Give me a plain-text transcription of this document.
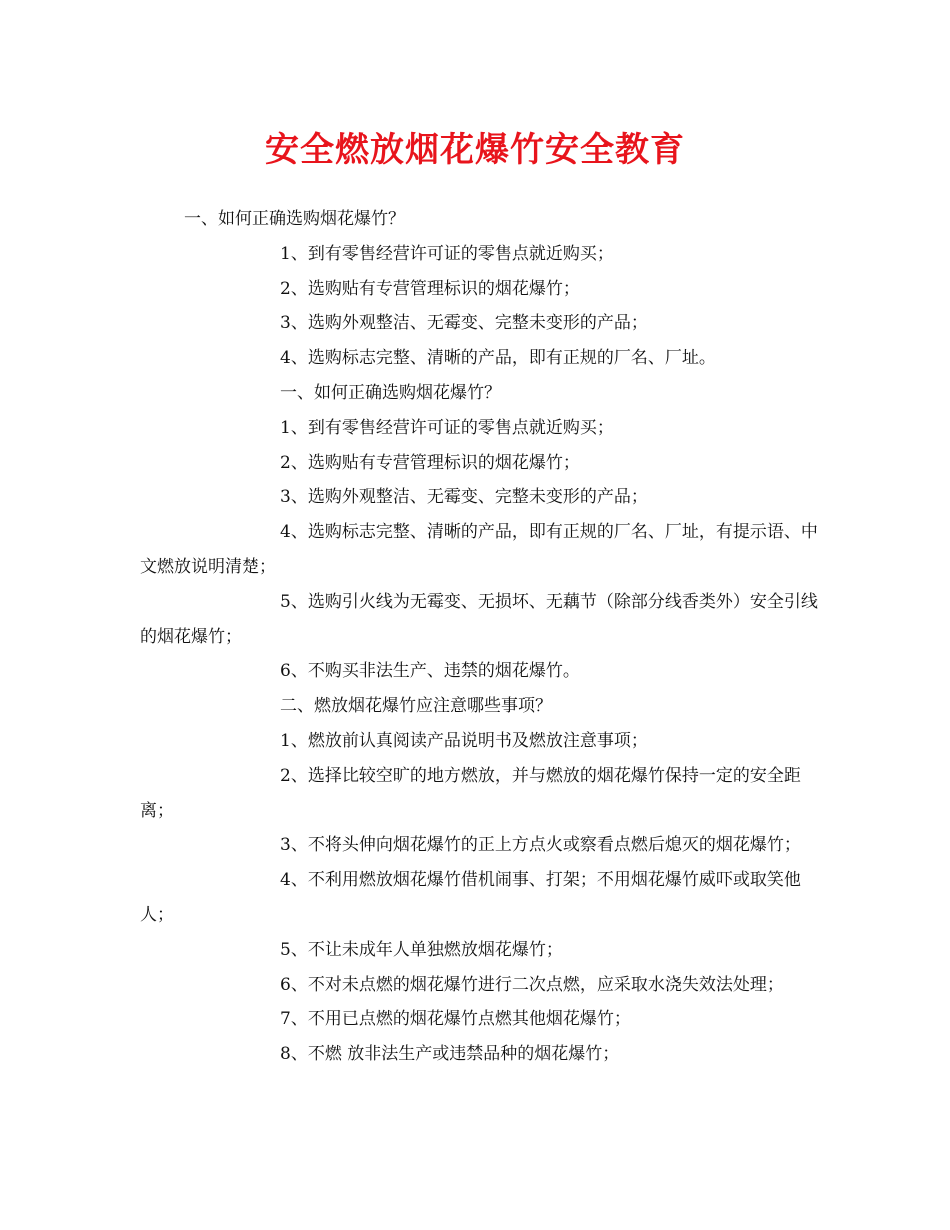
安全燃放烟花爆竹安全教育

一、如何正确选购烟花爆竹？

1、到有零售经营许可证的零售点就近购买；

2、选购贴有专营管理标识的烟花爆竹；

3、选购外观整洁、无霉变、完整未变形的产品；

4、选购标志完整、清晰的产品，即有正规的厂名、厂址。

一、如何正确选购烟花爆竹？

1、到有零售经营许可证的零售点就近购买；

2、选购贴有专营管理标识的烟花爆竹；

3、选购外观整洁、无霉变、完整未变形的产品；

4、选购标志完整、清晰的产品，即有正规的厂名、厂址，有提示语、中文燃放说明清楚；

5、选购引火线为无霉变、无损坏、无藕节（除部分线香类外）安全引线的烟花爆竹；

6、不购买非法生产、违禁的烟花爆竹。

二、燃放烟花爆竹应注意哪些事项？

1、燃放前认真阅读产品说明书及燃放注意事项；

2、选择比较空旷的地方燃放，并与燃放的烟花爆竹保持一定的安全距离；

3、不将头伸向烟花爆竹的正上方点火或察看点燃后熄灭的烟花爆竹；

4、不利用燃放烟花爆竹借机闹事、打架；不用烟花爆竹威吓或取笑他人；

5、不让未成年人单独燃放烟花爆竹；

6、不对未点燃的烟花爆竹进行二次点燃，应采取水浇失效法处理；

7、不用已点燃的烟花爆竹点燃其他烟花爆竹；

8、不燃 放非法生产或违禁品种的烟花爆竹；
